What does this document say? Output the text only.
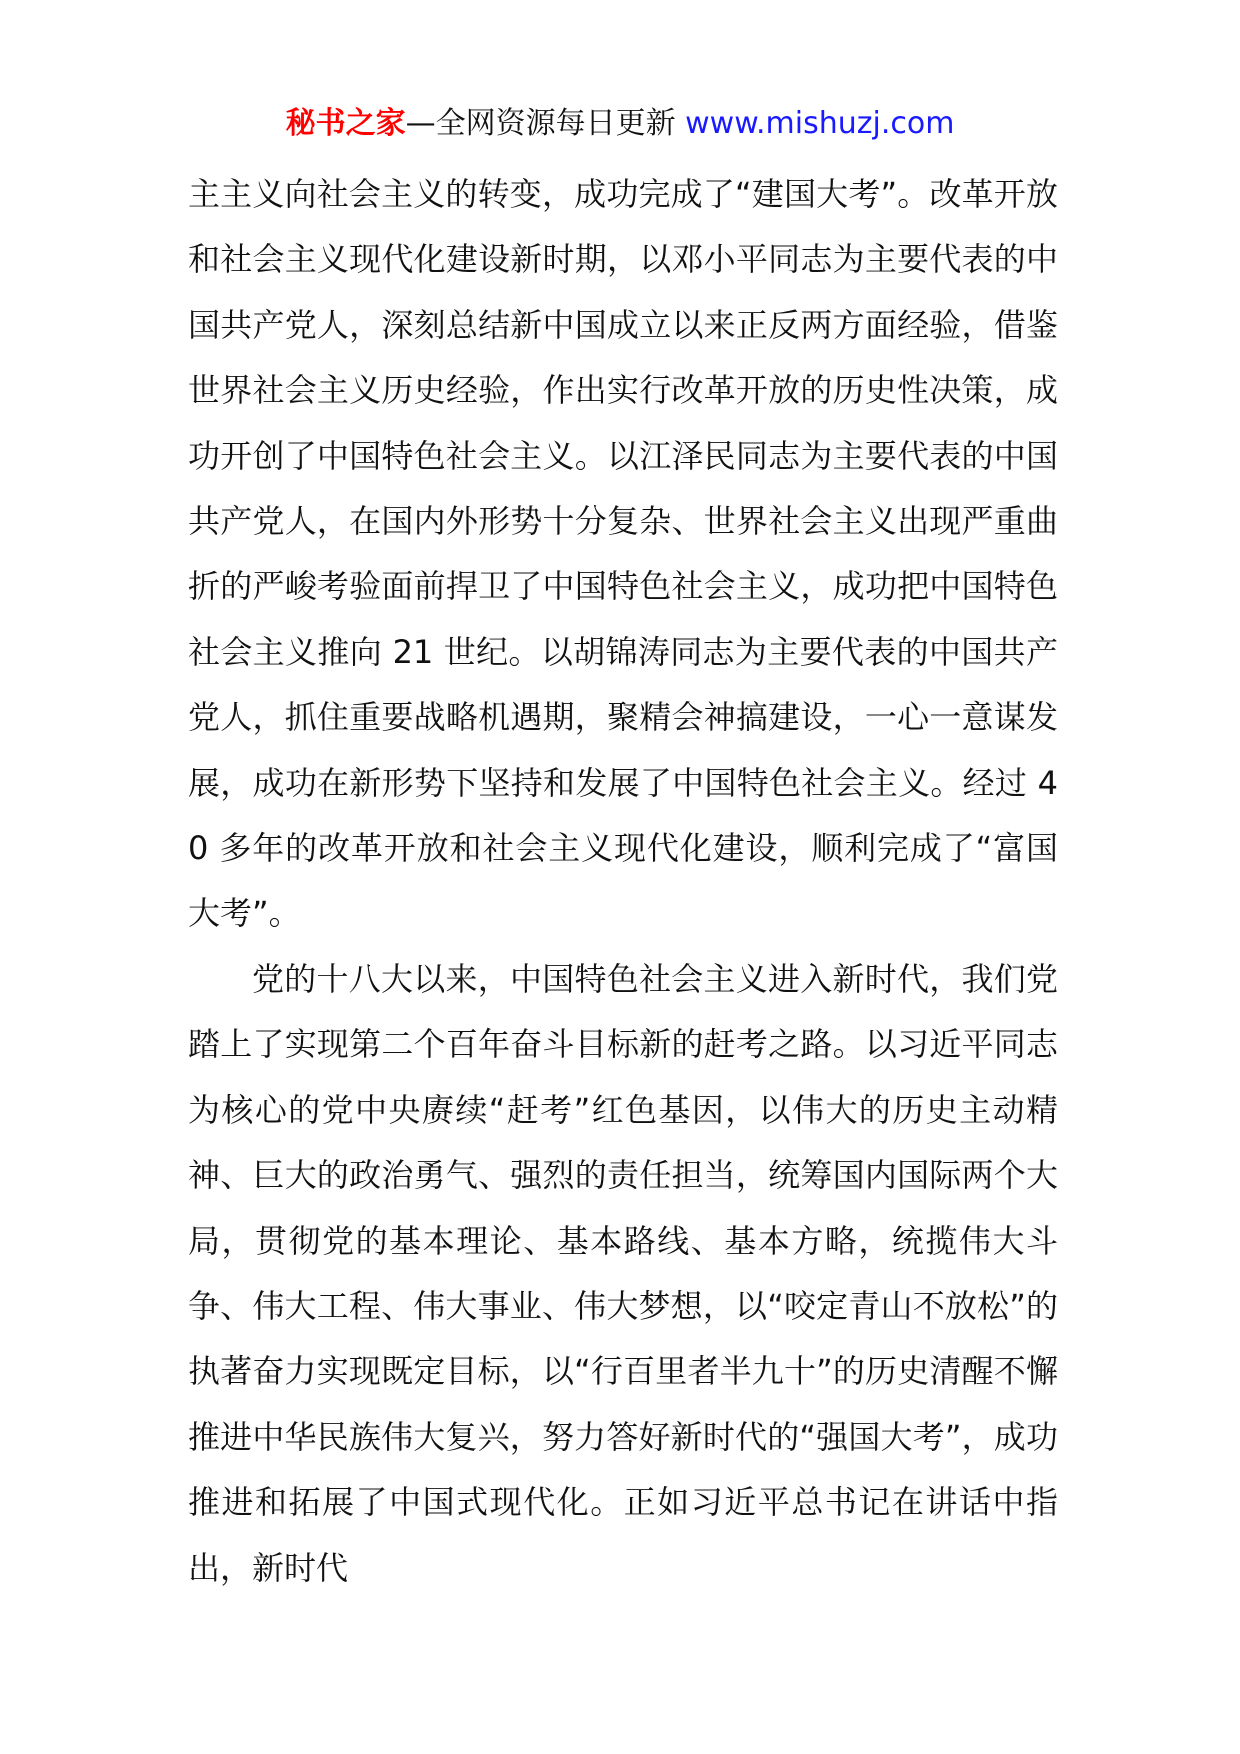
秘书之家—全网资源每日更新 www.mishuzj.com

主主义向社会主义的转变，成功完成了“建国大考”。改革开放和社会主义现代化建设新时期，以邓小平同志为主要代表的中国共产党人，深刻总结新中国成立以来正反两方面经验，借鉴世界社会主义历史经验，作出实行改革开放的历史性决策，成功开创了中国特色社会主义。以江泽民同志为主要代表的中国共产党人，在国内外形势十分复杂、世界社会主义出现严重曲折的严峻考验面前捍卫了中国特色社会主义，成功把中国特色社会主义推向 21 世纪。以胡锦涛同志为主要代表的中国共产党人，抓住重要战略机遇期，聚精会神搞建设，一心一意谋发展，成功在新形势下坚持和发展了中国特色社会主义。经过 40 多年的改革开放和社会主义现代化建设，顺利完成了“富国大考”。

党的十八大以来，中国特色社会主义进入新时代，我们党踏上了实现第二个百年奋斗目标新的赶考之路。以习近平同志为核心的党中央赓续“赶考”红色基因，以伟大的历史主动精神、巨大的政治勇气、强烈的责任担当，统筹国内国际两个大局，贯彻党的基本理论、基本路线、基本方略，统揽伟大斗争、伟大工程、伟大事业、伟大梦想，以“咬定青山不放松”的执著奋力实现既定目标，以“行百里者半九十”的历史清醒不懈推进中华民族伟大复兴，努力答好新时代的“强国大考”，成功推进和拓展了中国式现代化。正如习近平总书记在讲话中指出，新时代
